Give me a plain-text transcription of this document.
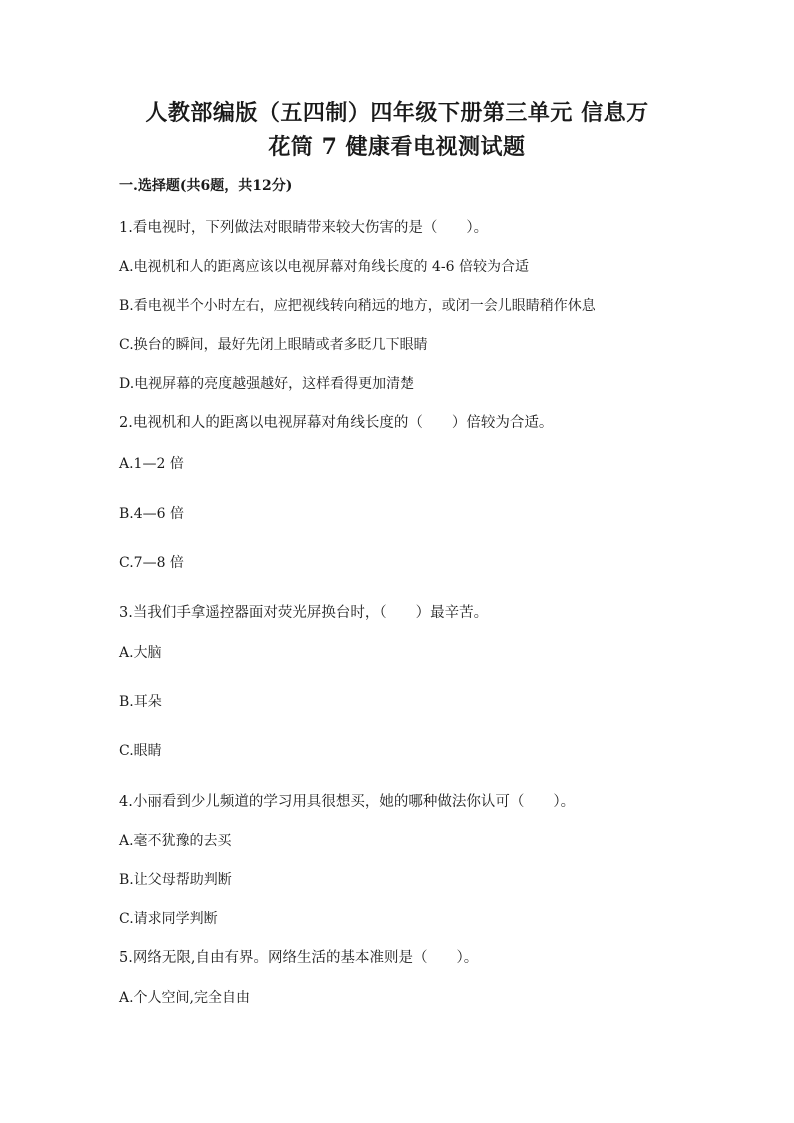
人教部编版（五四制）四年级下册第三单元 信息万
花筒 7 健康看电视测试题
一.选择题(共6题，共12分)
1.看电视时，下列做法对眼睛带来较大伤害的是（　　）。
A.电视机和人的距离应该以电视屏幕对角线长度的 4-6 倍较为合适
B.看电视半个小时左右，应把视线转向稍远的地方，或闭一会儿眼睛稍作休息
C.换台的瞬间，最好先闭上眼睛或者多眨几下眼睛
D.电视屏幕的亮度越强越好，这样看得更加清楚
2.电视机和人的距离以电视屏幕对角线长度的（　　）倍较为合适。
A.1—2 倍
B.4—6 倍
C.7—8 倍
3.当我们手拿遥控器面对荧光屏换台时，（　　）最辛苦。
A.大脑
B.耳朵
C.眼睛
4.小丽看到少儿频道的学习用具很想买，她的哪种做法你认可（　　）。
A.毫不犹豫的去买
B.让父母帮助判断
C.请求同学判断
5.网络无限,自由有界。网络生活的基本准则是（　　）。
A.个人空间,完全自由
